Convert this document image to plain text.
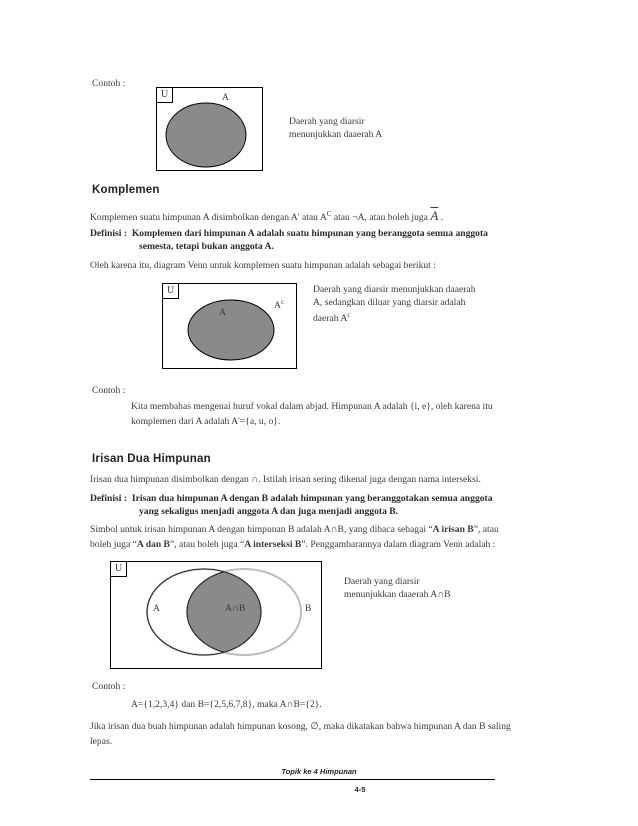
Contoh :
U	A
Daerah yang diarsir
menunjukkan daaerah A
Komplemen
Komplemen suatu himpunan A disimbolkan dengan A' atau $A^C$ atau ¬A, atau boleh juga $\overline{A}$ .
Definisi : Komplemen dari himpunan A adalah suatu himpunan yang beranggota semua anggota
semesta, tetapi bukan anggota A.
Oleh karena itu, diagram Venn untuk komplemen suatu himpunan adalah sebagai berikut :
U
$A^c$
A
Daerah yang diarsir menunjukkan daaerah
A, sedangkan diluar yang diarsir adalah
daerah $A^c$
Contoh :
Kita membahas mengenai huruf vokal dalam abjad. Himpunan A adalah {i, e}, oleh karena itu
komplemen dari A adalah A'={a, u, o}.
Irisan Dua Himpunan
Irisan dua himpunan disimbolkan dengan ∩. Istilah irisan sering dikenal juga dengan nama interseksi.
Definisi : Irisan dua himpunan A dengan B adalah himpunan yang beranggotakan semua anggota
yang sekaligus menjadi anggota A dan juga menjadi anggota B.
Simbol untuk irisan himpunan A dengan himpunan B adalah A∩B, yang dibaca sebagai “A irisan B”, atau
boleh juga “A dan B”, atau boleh juga “A interseksi B”. Penggambarannya dalam diagram Venn adalah :
U
A	A∩B	B
Daerah yang diarsir
menunjukkan daaerah A∩B
Contoh :
A={1,2,3,4} dan B={2,5,6,7,8}, maka A∩B={2}.
Jika irisan dua buah himpunan adalah himpunan kosong, ∅, maka dikatakan bahwa himpunan A dan B saling
lepas.
Topik ke 4 Himpunan
4-5
